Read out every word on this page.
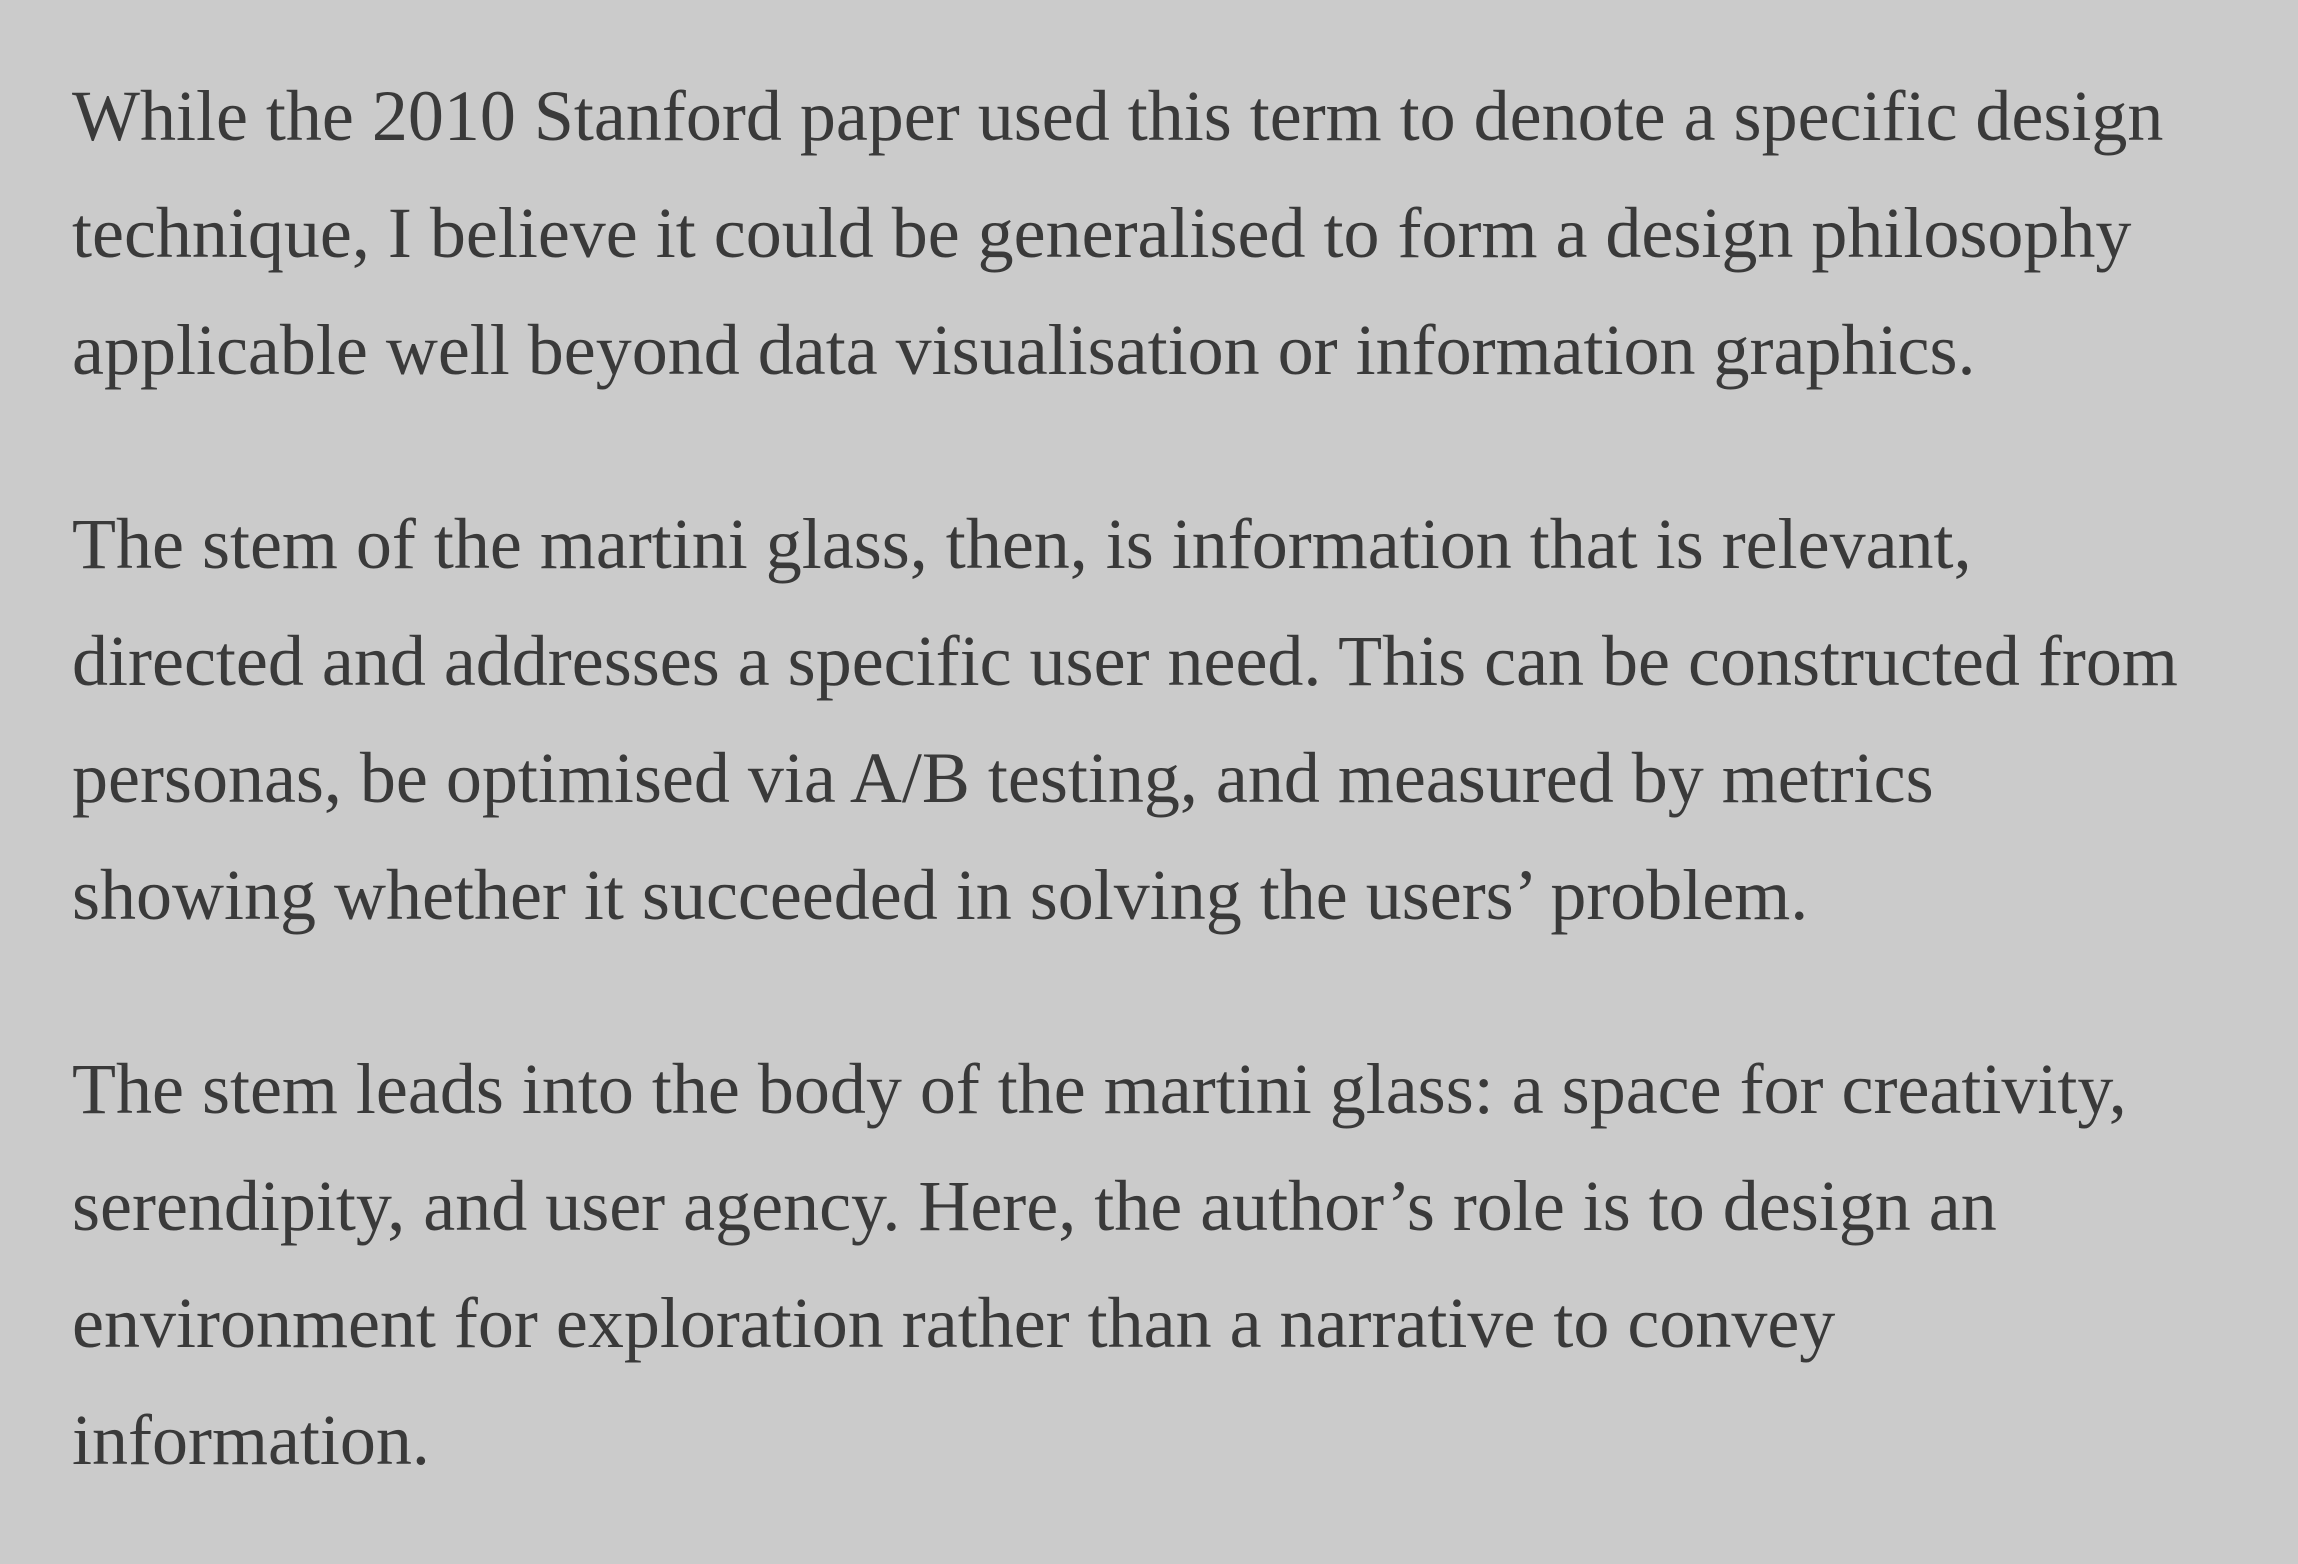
While the 2010 Stanford paper used this term to denote a specific design
technique, I believe it could be generalised to form a design philosophy
applicable well beyond data visualisation or information graphics.

The stem of the martini glass, then, is information that is relevant,
directed and addresses a specific user need. This can be constructed from
personas, be optimised via A/B testing, and measured by metrics
showing whether it succeeded in solving the users’ problem.

The stem leads into the body of the martini glass: a space for creativity,
serendipity, and user agency. Here, the author’s role is to design an
environment for exploration rather than a narrative to convey
information.
